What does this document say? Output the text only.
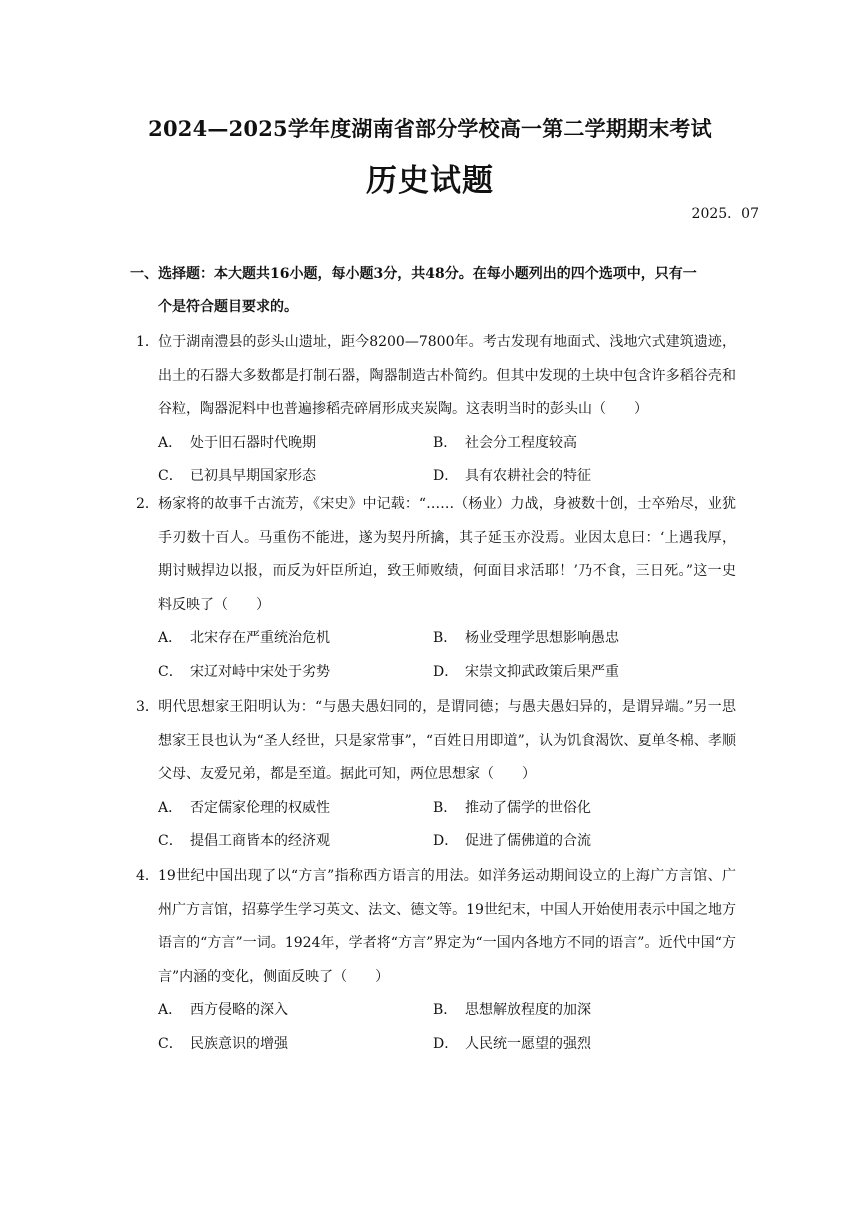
2024—2025学年度湖南省部分学校高一第二学期期末考试
历史试题
2025．07
一、选择题：本大题共16小题，每小题3分，共48分。在每小题列出的四个选项中，只有一
个是符合题目要求的。
1．位于湖南澧县的彭头山遗址，距今8200—7800年。考古发现有地面式、浅地穴式建筑遗迹，出土的石器大多数都是打制石器，陶器制造古朴简约。但其中发现的土块中包含许多稻谷壳和谷粒，陶器泥料中也普遍掺稻壳碎屑形成夹炭陶。这表明当时的彭头山（　　）
A． 处于旧石器时代晚期	B． 社会分工程度较高
C． 已初具早期国家形态	D． 具有农耕社会的特征
2．杨家将的故事千古流芳，《宋史》中记载：“……（杨业）力战，身被数十创，士卒殆尽，业犹手刃数十百人。马重伤不能进，遂为契丹所擒，其子延玉亦没焉。业因太息曰：‘上遇我厚，期讨贼捍边以报，而反为奸臣所迫，致王师败绩，何面目求活耶！’乃不食，三日死。”这一史料反映了（　　）
A． 北宋存在严重统治危机	B． 杨业受理学思想影响愚忠
C． 宋辽对峙中宋处于劣势	D． 宋崇文抑武政策后果严重
3．明代思想家王阳明认为：“与愚夫愚妇同的，是谓同德；与愚夫愚妇异的，是谓异端。”另一思想家王艮也认为“圣人经世，只是家常事”，“百姓日用即道”，认为饥食渴饮、夏单冬棉、孝顺父母、友爱兄弟，都是至道。据此可知，两位思想家（　　）
A． 否定儒家伦理的权威性	B． 推动了儒学的世俗化
C． 提倡工商皆本的经济观	D． 促进了儒佛道的合流
4．19世纪中国出现了以“方言”指称西方语言的用法。如洋务运动期间设立的上海广方言馆、广州广方言馆，招募学生学习英文、法文、德文等。19世纪末，中国人开始使用表示中国之地方语言的“方言”一词。1924年，学者将“方言”界定为“一国内各地方不同的语言”。近代中国“方言”内涵的变化，侧面反映了（　　）
A． 西方侵略的深入	B． 思想解放程度的加深
C． 民族意识的增强	D． 人民统一愿望的强烈
